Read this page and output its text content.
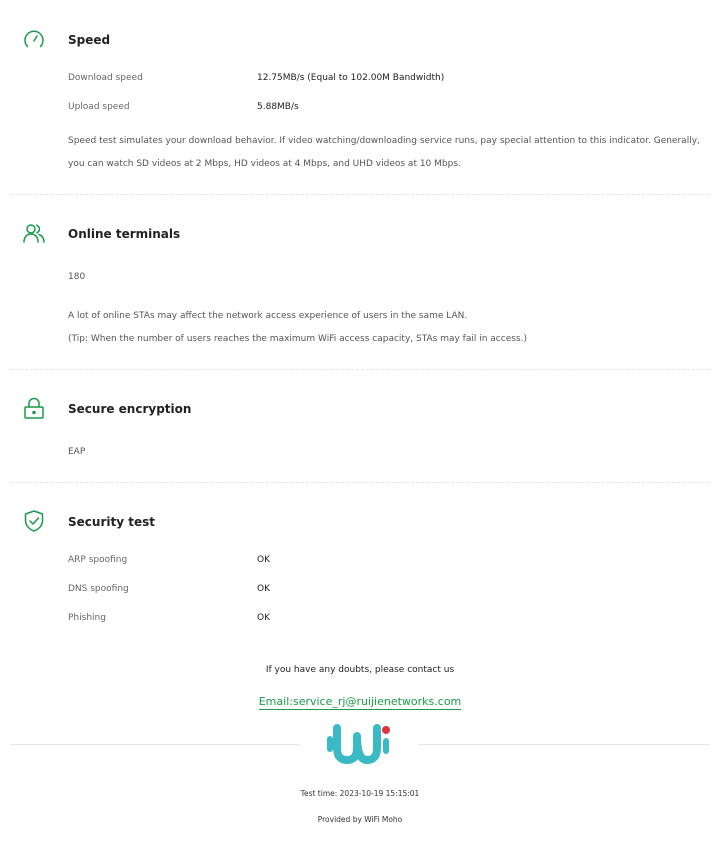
Speed
Download speed	12.75MB/s (Equal to 102.00M Bandwidth)
Upload speed	5.88MB/s
Speed test simulates your download behavior. If video watching/downloading service runs, pay special attention to this indicator. Generally,
you can watch SD videos at 2 Mbps, HD videos at 4 Mbps, and UHD videos at 10 Mbps.
Online terminals
180
A lot of online STAs may affect the network access experience of users in the same LAN.
(Tip: When the number of users reaches the maximum WiFi access capacity, STAs may fail in access.)
Secure encryption
EAP
Security test
ARP spoofing	OK
DNS spoofing	OK
Phishing	OK
If you have any doubts, please contact us
Email:service_rj@ruijienetworks.com
Test time: 2023-10-19 15:15:01
Provided by WiFi Moho
